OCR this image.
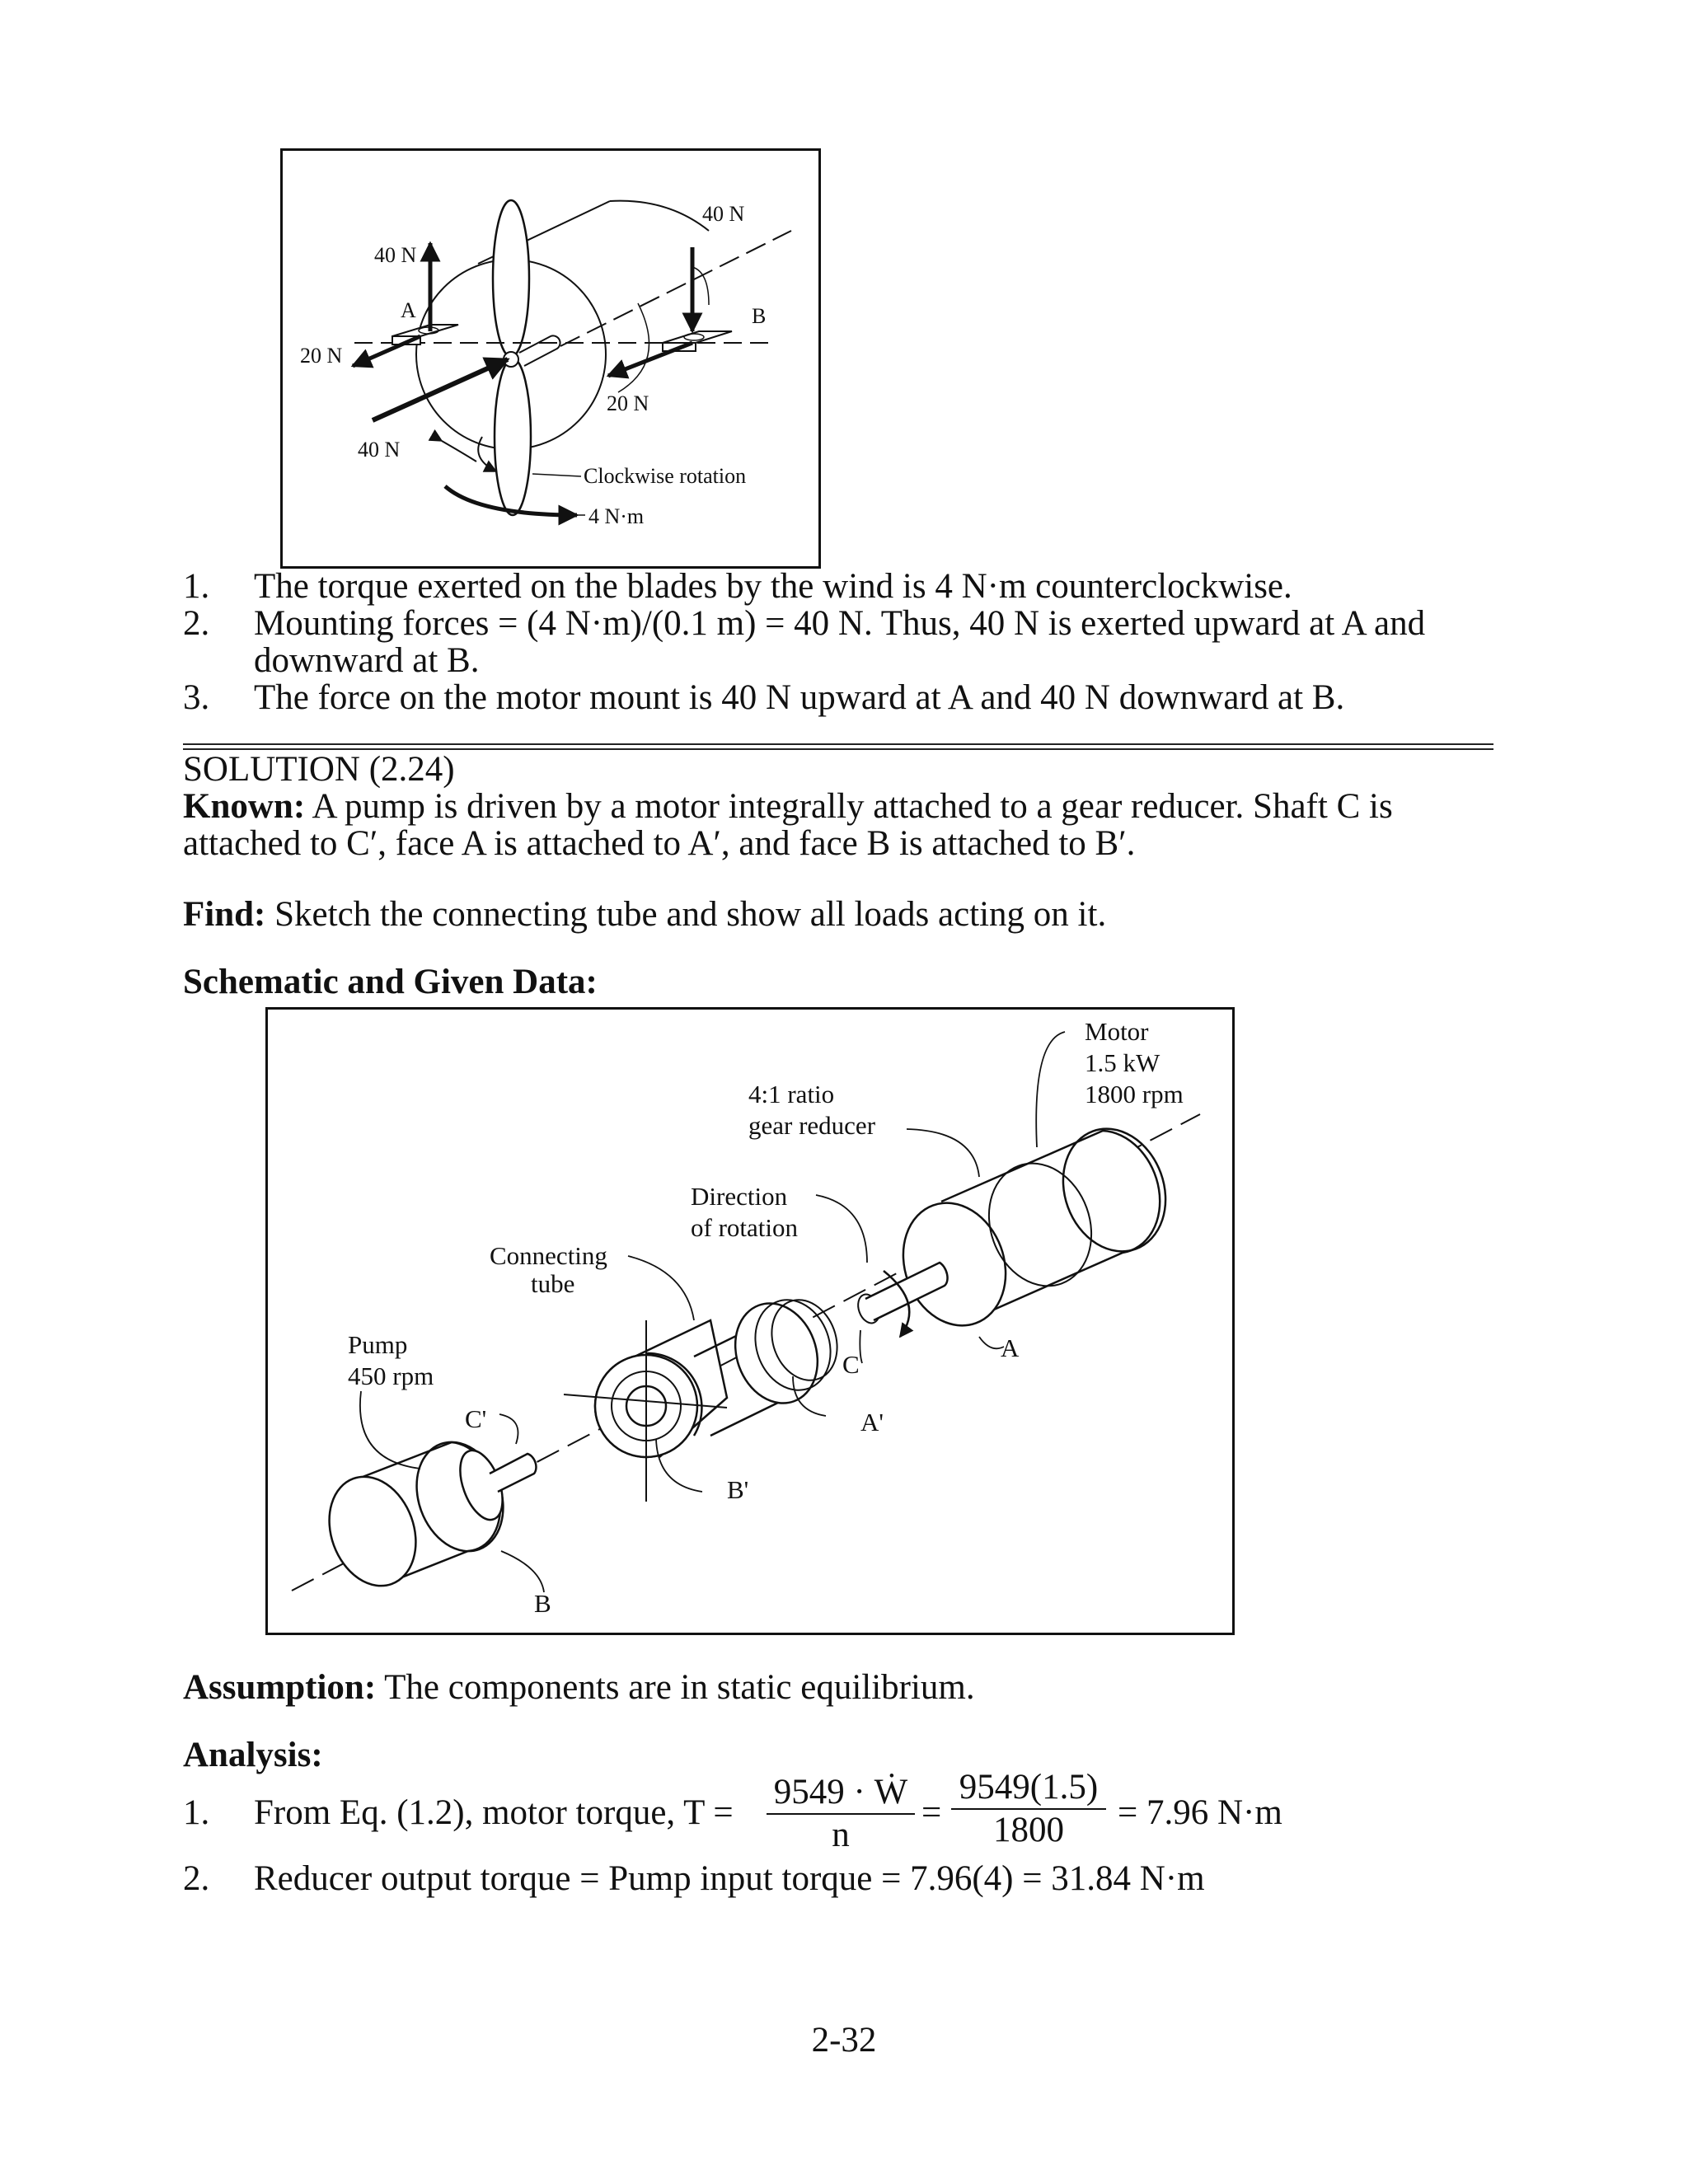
40 N
40 N
A	B
20 N
20 N
40 N
Clockwise rotation
4 N·m
1. The torque exerted on the blades by the wind is 4 N·m counterclockwise.
2. Mounting forces = (4 N·m)/(0.1 m) = 40 N. Thus, 40 N is exerted upward at A and
downward at B.
3. The force on the motor mount is 40 N upward at A and 40 N downward at B.
SOLUTION (2.24)
Known: A pump is driven by a motor integrally attached to a gear reducer. Shaft C is
attached to C′, face A is attached to A′, and face B is attached to B′.
Find: Sketch the connecting tube and show all loads acting on it.
Schematic and Given Data:
Motor
1.5 kW
1800 rpm
4:1 ratio
gear reducer
Direction
of rotation
Connecting
tube
Pump
450 rpm
C'
C
A
A'
B'
B
Assumption: The components are in static equilibrium.
Analysis:
1. From Eq. (1.2), motor torque, T =
9549 · Ẇ
n
=
9549(1.5)
1800	= 7.96 N·m
2. Reducer output torque = Pump input torque = 7.96(4) = 31.84 N·m
2-32
